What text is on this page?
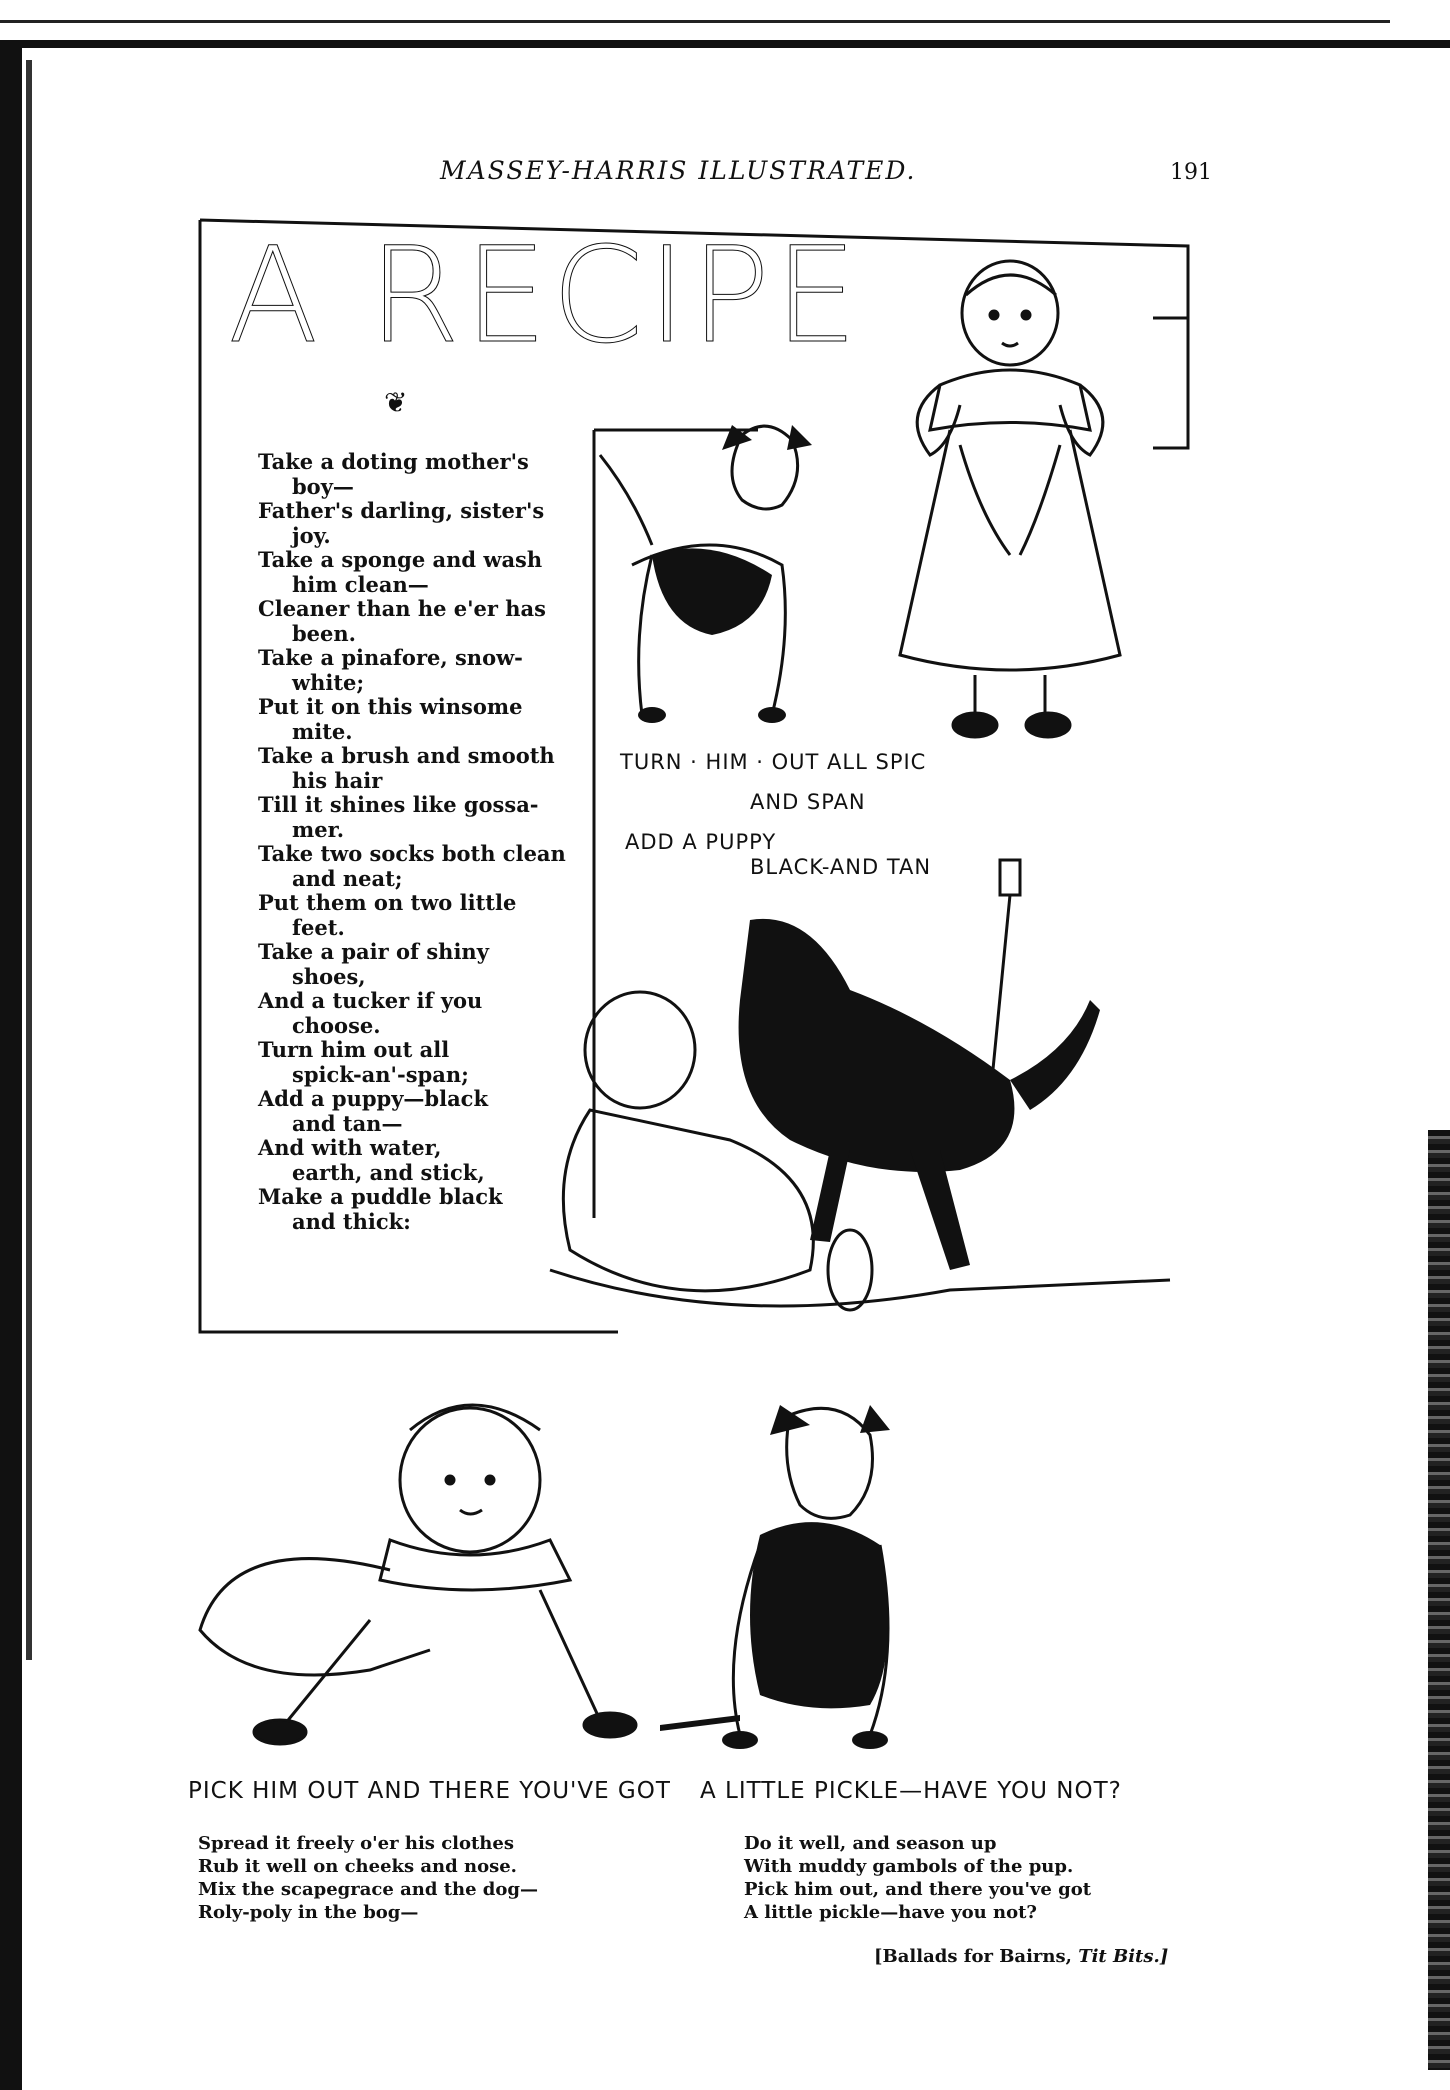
MASSEY-HARRIS ILLUSTRATED.	191
A RECIPE
❦
Take a doting mother's
boy—
Father's darling, sister's
joy.
Take a sponge and wash
him clean—
Cleaner than he e'er has
been.
Take a pinafore, snow-
white;
Put it on this winsome
mite.
Take a brush and smooth
his hair
Till it shines like gossa-
mer.
Take two socks both clean
and neat;
Put them on two little
feet.
Take a pair of shiny
shoes,
And a tucker if you
choose.
Turn him out all
spick-an'-span;
Add a puppy—black
and tan—
And with water,
earth, and stick,
Make a puddle black
and thick:
TURN · HIM · OUT ALL SPIC
AND SPAN
ADD A PUPPY
BLACK-AND TAN
PICK HIM OUT AND THERE YOU'VE GOT A LITTLE PICKLE—HAVE YOU NOT?
Spread it freely o'er his clothes
Rub it well on cheeks and nose.
Mix the scapegrace and the dog—
Roly-poly in the bog—
Do it well, and season up
With muddy gambols of the pup.
Pick him out, and there you've got
A little pickle—have you not?
[Ballads for Bairns, Tit Bits.]
